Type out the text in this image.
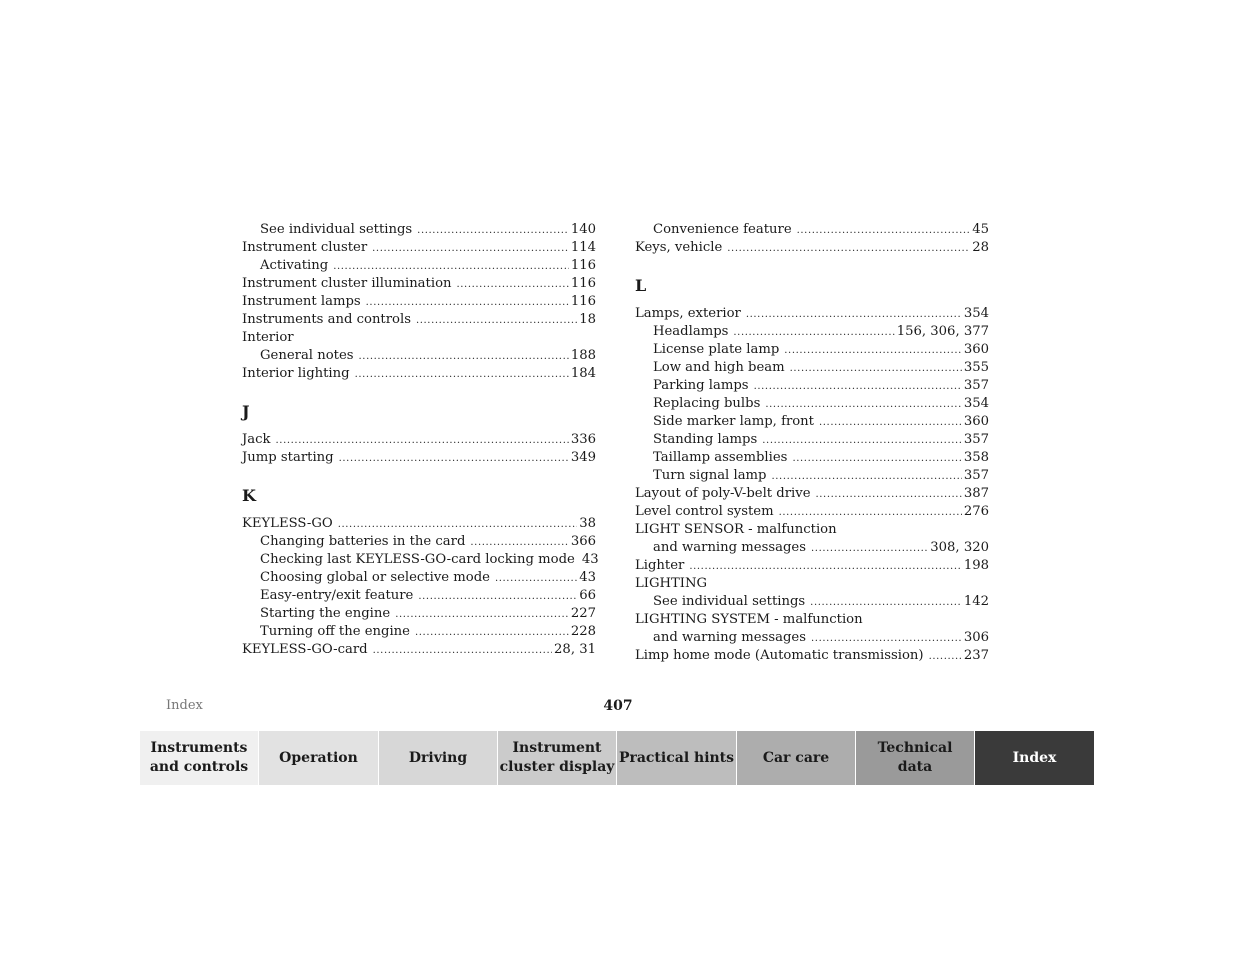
See individual settings .....	140
Instrument cluster .....	114
Activating .....	116
Instrument cluster illumination .....	116
Instrument lamps .....	116
Instruments and controls .....	18
Interior
General notes .....	188
Interior lighting .....	184
J
Jack .....	336
Jump starting .....	349
K
KEYLESS-GO .....	38
Changing batteries in the card .....	366
Checking last KEYLESS-GO-card locking mode 43
Choosing global or selective mode .....	43
Easy-entry/exit feature .....	66
Starting the engine .....	227
Turning off the engine .....	228
KEYLESS-GO-card .....	28, 31
Convenience feature .....	45
Keys, vehicle .....	28
L
Lamps, exterior .....	354
Headlamps .....	156, 306, 377
License plate lamp .....	360
Low and high beam .....	355
Parking lamps .....	357
Replacing bulbs .....	354
Side marker lamp, front .....	360
Standing lamps .....	357
Taillamp assemblies .....	358
Turn signal lamp .....	357
Layout of poly-V-belt drive .....	387
Level control system .....	276
LIGHT SENSOR - malfunction
and warning messages .....	308, 320
Lighter .....	198
LIGHTING
See individual settings .....	142
LIGHTING SYSTEM - malfunction
and warning messages .....	306
Limp home mode (Automatic transmission) .....	237
Index	407
Instruments
and controls
Operation	Driving
Instrument
cluster display
Practical hints	Car care
Technical
data
Index
